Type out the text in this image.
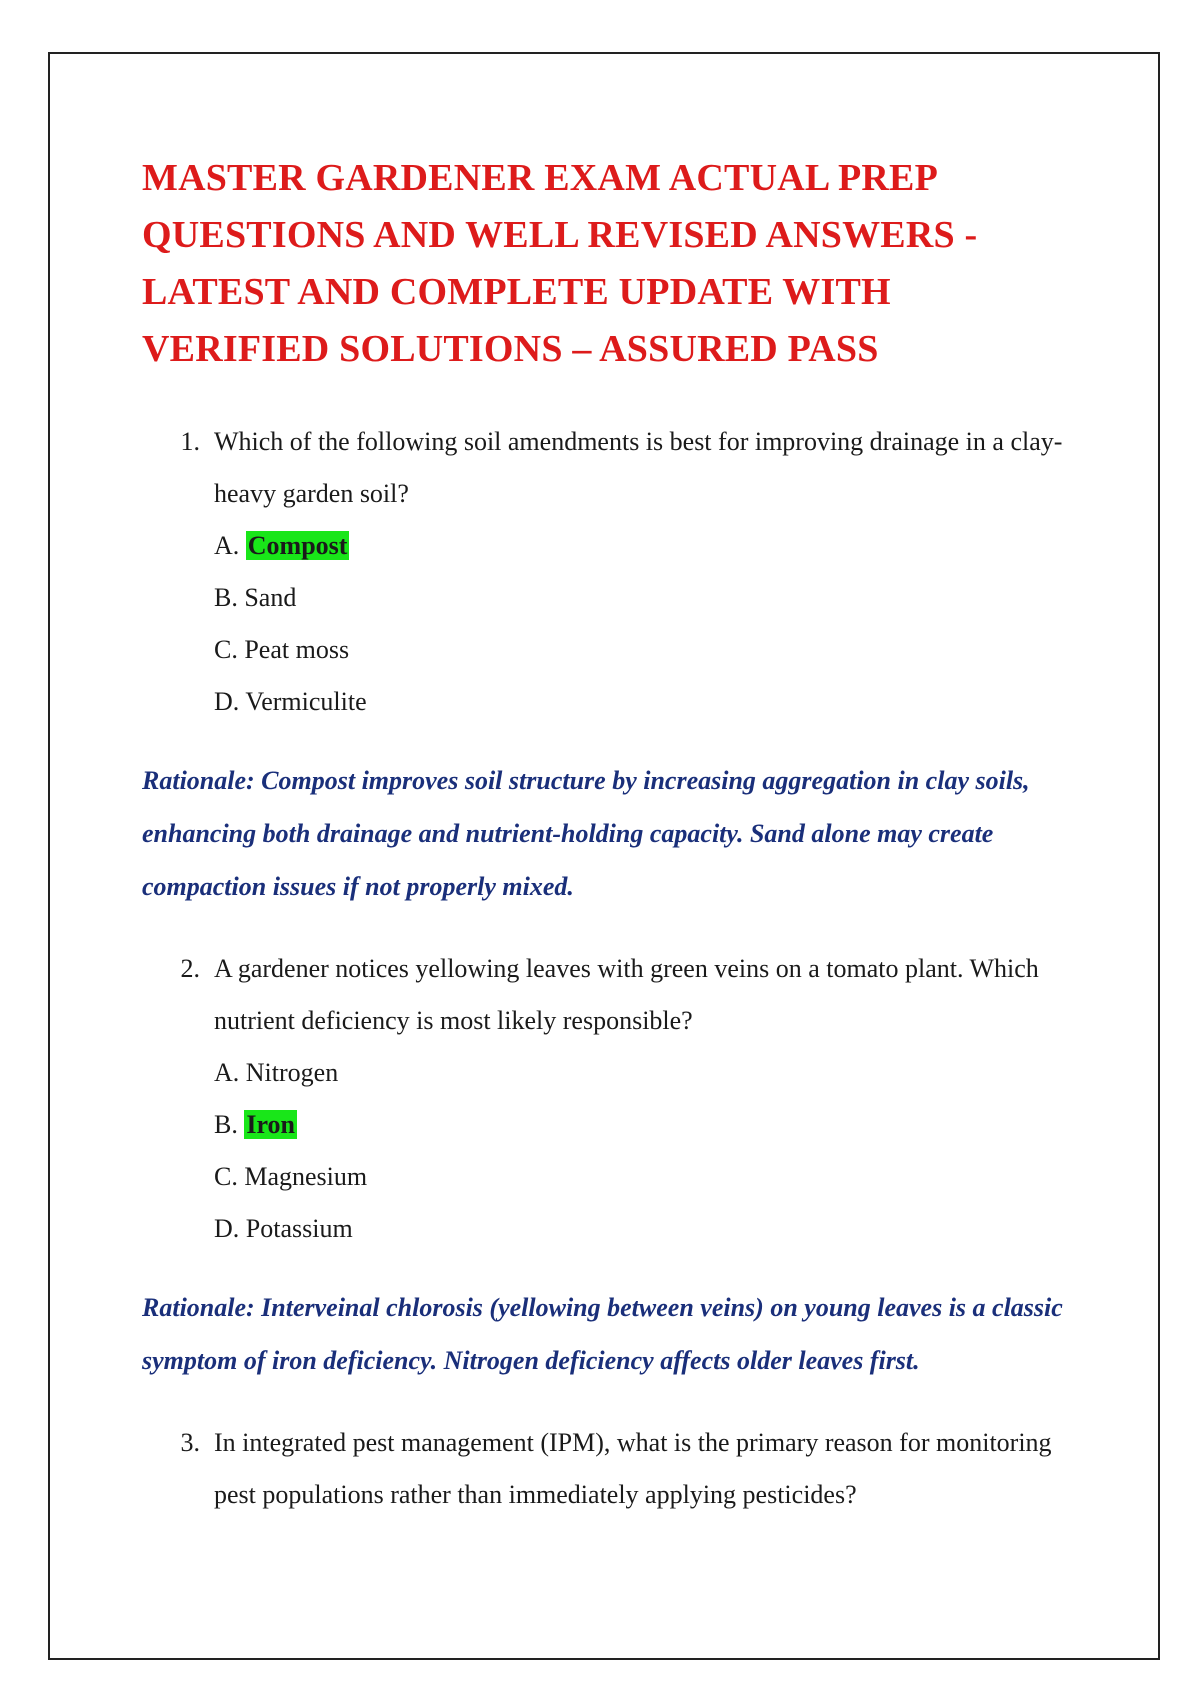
MASTER GARDENER EXAM ACTUAL PREP QUESTIONS AND WELL REVISED ANSWERS - LATEST AND COMPLETE UPDATE WITH VERIFIED SOLUTIONS – ASSURED PASS
1. Which of the following soil amendments is best for improving drainage in a clay-heavy garden soil?
A. Compost
B. Sand
C. Peat moss
D. Vermiculite

Rationale: Compost improves soil structure by increasing aggregation in clay soils, enhancing both drainage and nutrient-holding capacity. Sand alone may create compaction issues if not properly mixed.

2. A gardener notices yellowing leaves with green veins on a tomato plant. Which nutrient deficiency is most likely responsible?
A. Nitrogen
B. Iron
C. Magnesium
D. Potassium

Rationale: Interveinal chlorosis (yellowing between veins) on young leaves is a classic symptom of iron deficiency. Nitrogen deficiency affects older leaves first.

3. In integrated pest management (IPM), what is the primary reason for monitoring pest populations rather than immediately applying pesticides?
